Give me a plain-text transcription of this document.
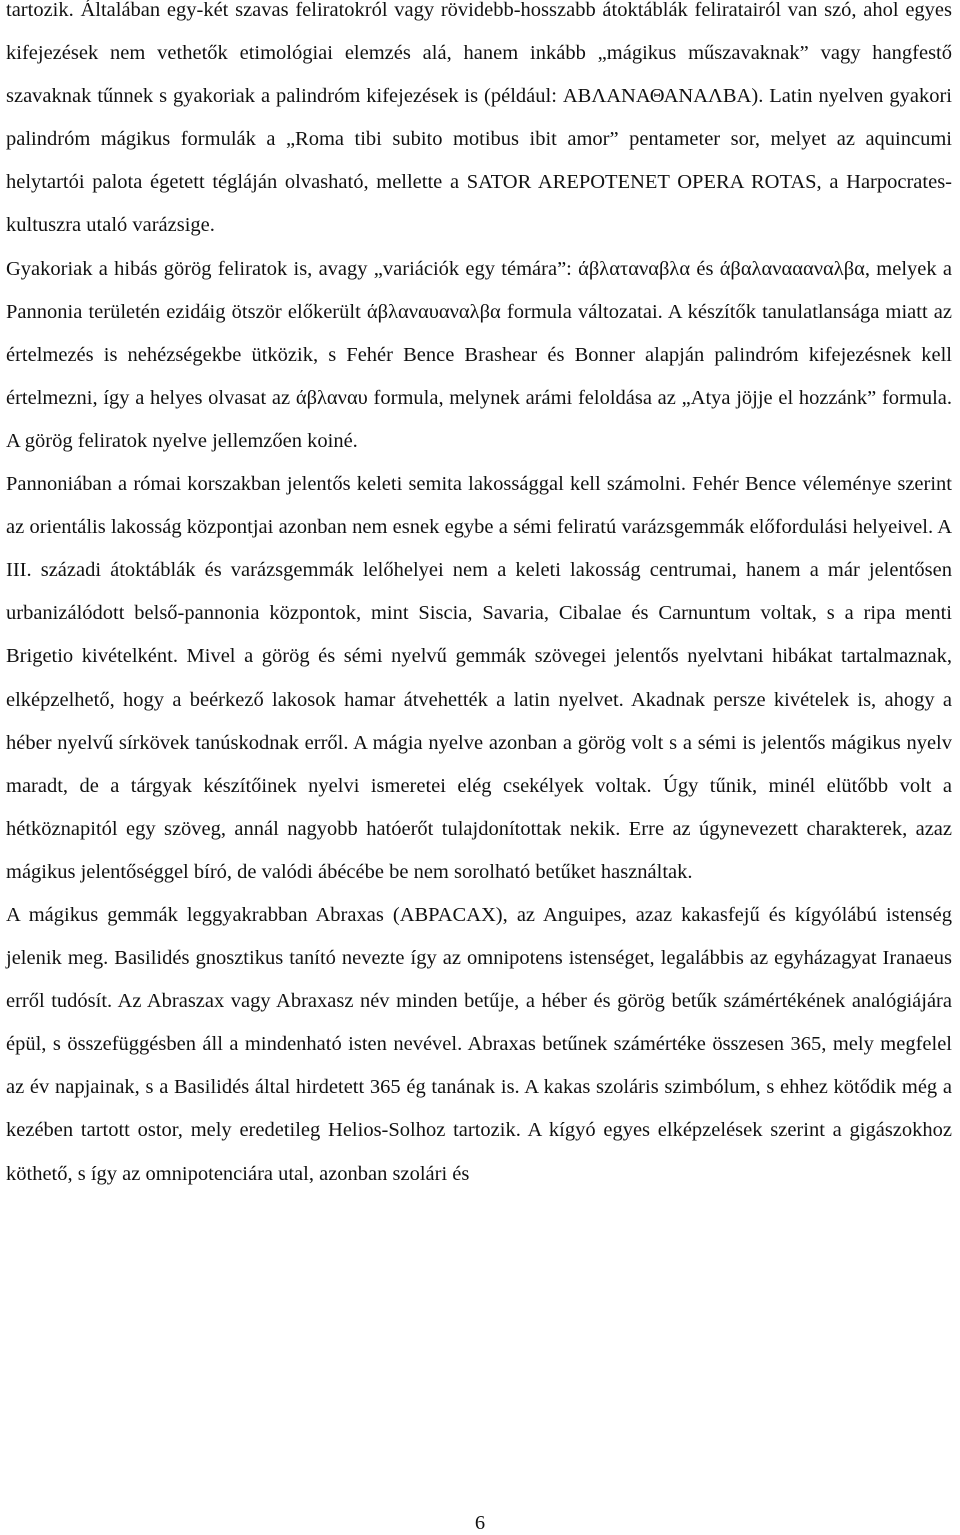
tartozik. Általában egy-két szavas feliratokról vagy rövidebb-hosszabb átoktáblák feliratairól van szó, ahol egyes kifejezések nem vethetők etimológiai elemzés alá, hanem inkább „mágikus műszavaknak” vagy hangfestő szavaknak tűnnek s gyakoriak a palindróm kifejezések is (például: ΑΒΛΑΝΑΘΑΝΑΛΒΑ). Latin nyelven gyakori palindróm mágikus formulák a „Roma tibi subito motibus ibit amor” pentameter sor, melyet az aquincumi helytartói palota égetett tégláján olvasható, mellette a SATOR AREPOTENET OPERA ROTAS, a Harpocrates-kultuszra utaló varázsige.

Gyakoriak a hibás görög feliratok is, avagy „variációk egy témára”: άβλαταναβλα és άβαλαναααναλβα, melyek a Pannonia területén ezidáig ötször előkerült άβλαναυαναλβα formula változatai. A készítők tanulatlansága miatt az értelmezés is nehézségekbe ütközik, s Fehér Bence Brashear és Bonner alapján palindróm kifejezésnek kell értelmezni, így a helyes olvasat az άβλαναυ formula, melynek arámi feloldása az „Atya jöjje el hozzánk” formula. A görög feliratok nyelve jellemzően koiné.

Pannoniában a római korszakban jelentős keleti semita lakossággal kell számolni. Fehér Bence véleménye szerint az orientális lakosság központjai azonban nem esnek egybe a sémi feliratú varázsgemmák előfordulási helyeivel. A III. századi átoktáblák és varázsgemmák lelőhelyei nem a keleti lakosság centrumai, hanem a már jelentősen urbanizálódott belső-pannonia központok, mint Siscia, Savaria, Cibalae és Carnuntum voltak, s a ripa menti Brigetio kivételként. Mivel a görög és sémi nyelvű gemmák szövegei jelentős nyelvtani hibákat tartalmaznak, elképzelhető, hogy a beérkező lakosok hamar átvehették a latin nyelvet. Akadnak persze kivételek is, ahogy a héber nyelvű sírkövek tanúskodnak erről. A mágia nyelve azonban a görög volt s a sémi is jelentős mágikus nyelv maradt, de a tárgyak készítőinek nyelvi ismeretei elég csekélyek voltak. Úgy tűnik, minél elütőbb volt a hétköznapitól egy szöveg, annál nagyobb hatóerőt tulajdonítottak nekik. Erre az úgynevezett charakterek, azaz mágikus jelentőséggel bíró, de valódi ábécébe be nem sorolható betűket használtak.

A mágikus gemmák leggyakrabban Abraxas (ΑΒΡΑCΑΧ), az Anguipes, azaz kakasfejű és kígyólábú istenség jelenik meg. Basilidés gnosztikus tanító nevezte így az omnipotens istenséget, legalábbis az egyházagyat Iranaeus erről tudósít. Az Abraszax vagy Abraxasz név minden betűje, a héber és görög betűk számértékének analógiájára épül, s összefüggésben áll a mindenható isten nevével. Abraxas betűnek számértéke összesen 365, mely megfelel az év napjainak, s a Basilidés által hirdetett 365 ég tanának is. A kakas szoláris szimbólum, s ehhez kötődik még a kezében tartott ostor, mely eredetileg Helios-Solhoz tartozik. A kígyó egyes elképzelések szerint a gigászokhoz köthető, s így az omnipotenciára utal, azonban szolári és

6
